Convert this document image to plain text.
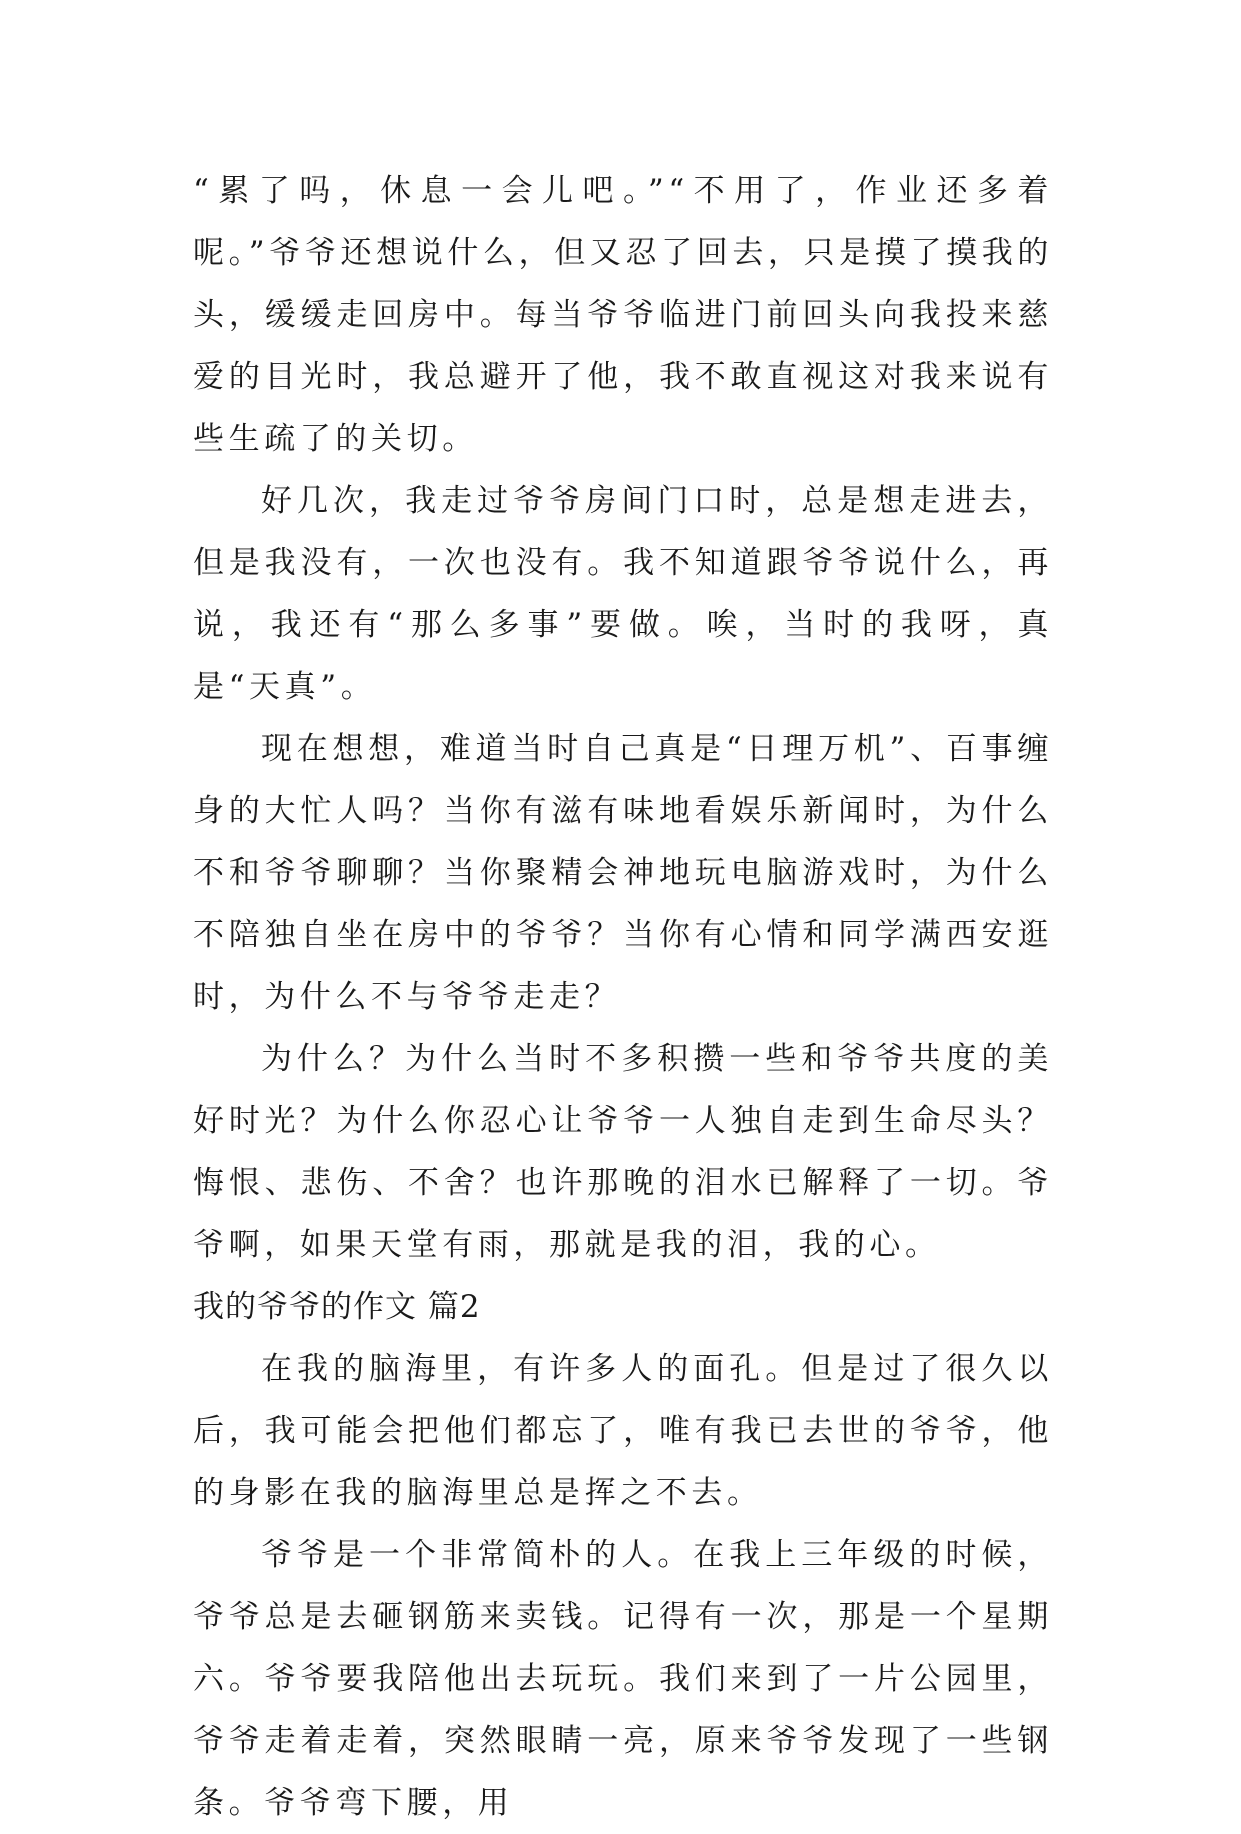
“累了吗，休息一会儿吧。”“不用了，作业还多着呢。”爷爷还想说什么，但又忍了回去，只是摸了摸我的头，缓缓走回房中。每当爷爷临进门前回头向我投来慈爱的目光时，我总避开了他，我不敢直视这对我来说有些生疏了的关切。

好几次，我走过爷爷房间门口时，总是想走进去，但是我没有，一次也没有。我不知道跟爷爷说什么，再说，我还有“那么多事”要做。唉，当时的我呀，真是“天真”。

现在想想，难道当时自己真是“日理万机”、百事缠身的大忙人吗？当你有滋有味地看娱乐新闻时，为什么不和爷爷聊聊？当你聚精会神地玩电脑游戏时，为什么不陪独自坐在房中的爷爷？当你有心情和同学满西安逛时，为什么不与爷爷走走？

为什么？为什么当时不多积攒一些和爷爷共度的美好时光？为什么你忍心让爷爷一人独自走到生命尽头？悔恨、悲伤、不舍？也许那晚的泪水已解释了一切。爷爷啊，如果天堂有雨，那就是我的泪，我的心。

我的爷爷的作文 篇2

在我的脑海里，有许多人的面孔。但是过了很久以后，我可能会把他们都忘了，唯有我已去世的爷爷，他的身影在我的脑海里总是挥之不去。

爷爷是一个非常简朴的人。在我上三年级的时候，爷爷总是去砸钢筋来卖钱。记得有一次，那是一个星期六。爷爷要我陪他出去玩玩。我们来到了一片公园里，爷爷走着走着，突然眼睛一亮，原来爷爷发现了一些钢条。爷爷弯下腰，用
